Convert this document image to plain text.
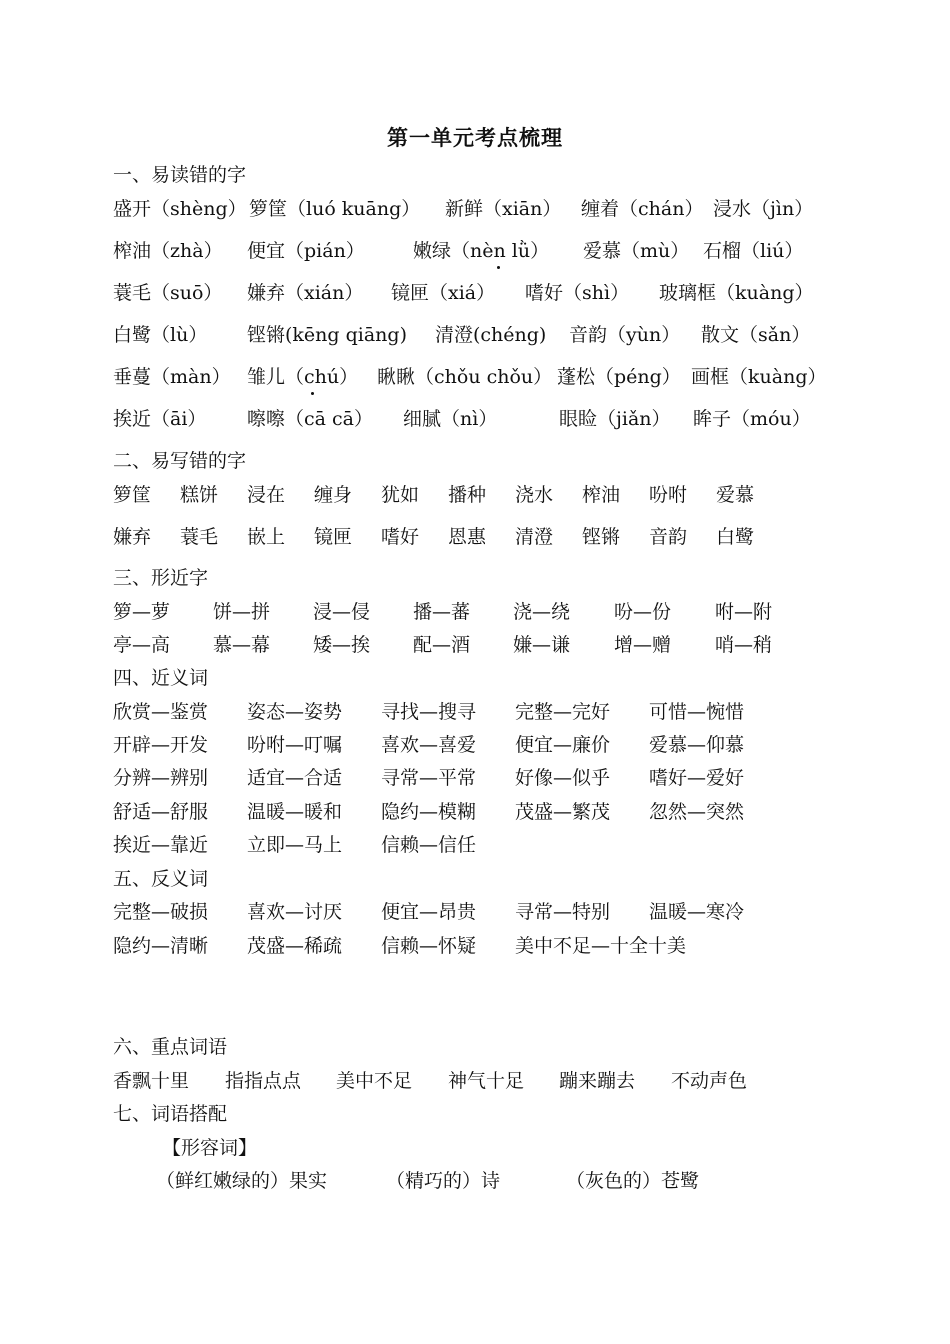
第一单元考点梳理
一、易读错的字
盛开（shèng） 箩筐（luó kuāng） 新鲜（xiān） 缠着（chán） 浸水（jìn）
榨油（zhà） 便宜（pián）	嫩绿（nèn lǜ） 爱慕（mù） 石榴（liú）
蓑毛（suō） 嫌弃（xián） 镜匣（xiá） 嗜好（shì） 玻璃框（kuàng）
白鹭（lù） 铿锵(kēng qiāng) 清澄(chéng) 音韵（yùn） 散文（sǎn）
垂蔓（màn） 雏儿（chú） 瞅瞅（chǒu chǒu） 蓬松（péng） 画框（kuàng）
挨近（āi） 嚓嚓（cā cā） 细腻（nì）	眼睑（jiǎn） 眸子（móu）
二、易写错的字
箩筐 糕饼 浸在 缠身 犹如 播种 浇水 榨油 吩咐 爱慕
嫌弃 蓑毛 嵌上 镜匣 嗜好 恩惠 清澄 铿锵 音韵 白鹭
三、形近字
箩—萝 饼—拼 浸—侵 播—蕃 浇—绕 吩—份 咐—附
亭—高 慕—幕 矮—挨 配—酒 嫌—谦 增—赠 哨—稍
四、近义词
欣赏—鉴赏 姿态—姿势 寻找—搜寻 完整—完好 可惜—惋惜
开辟—开发 吩咐—叮嘱 喜欢—喜爱 便宜—廉价 爱慕—仰慕
分辨—辨别 适宜—合适 寻常—平常 好像—似乎 嗜好—爱好
舒适—舒服 温暖—暖和 隐约—模糊 茂盛—繁茂 忽然—突然
挨近—靠近 立即—马上 信赖—信任
五、反义词
完整—破损 喜欢—讨厌 便宜—昂贵 寻常—特别 温暖—寒冷
隐约—清晰 茂盛—稀疏 信赖—怀疑 美中不足—十全十美
六、重点词语
香飘十里 指指点点 美中不足 神气十足 蹦来蹦去 不动声色
七、词语搭配
【形容词】
（鲜红嫩绿的）果实	（精巧的）诗	（灰色的）苍鹭
